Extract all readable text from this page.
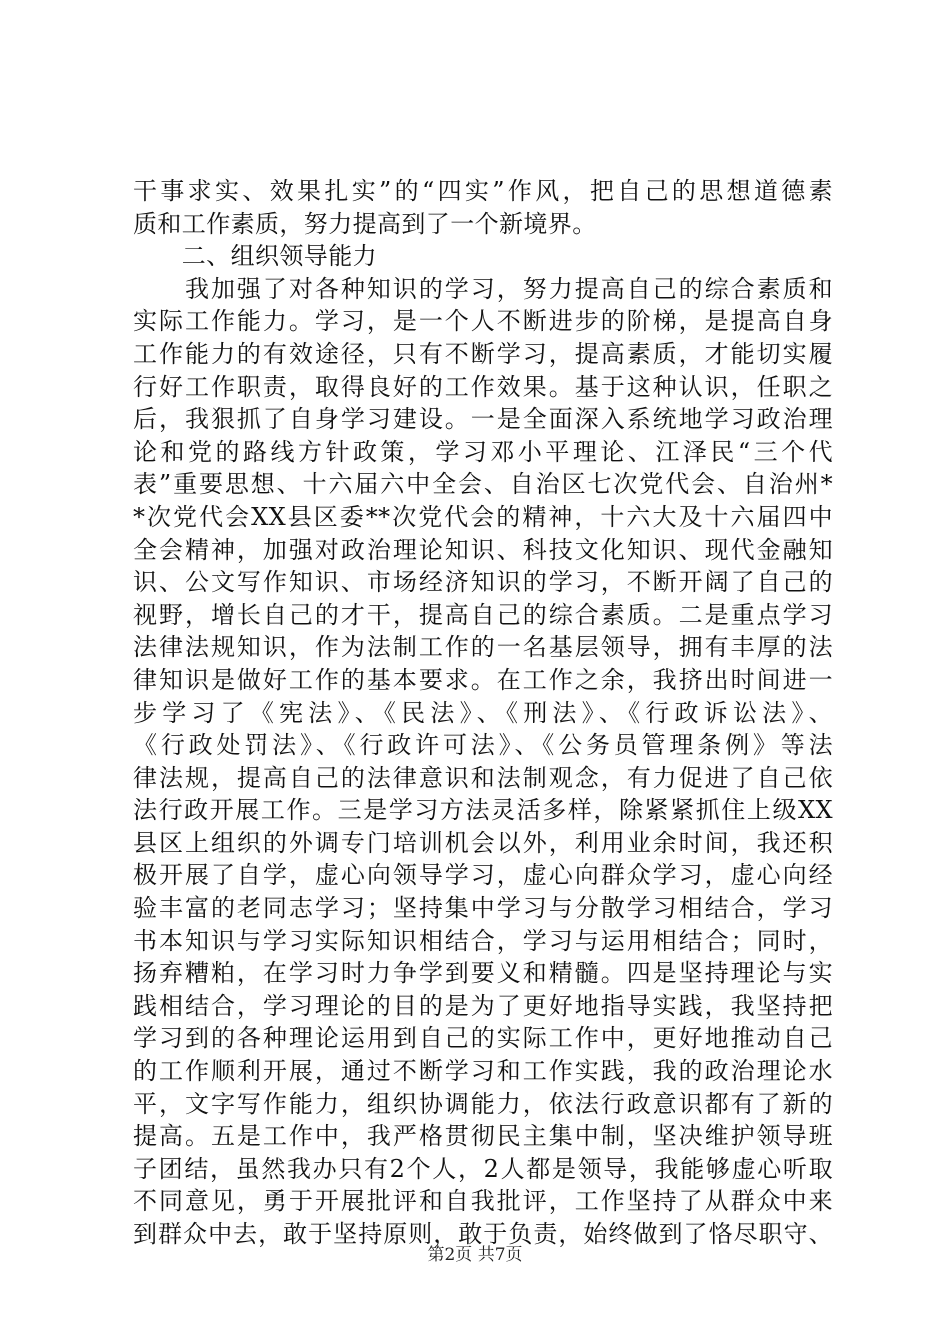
干事求实、效果扎实”的“四实”作风，把自己的思想道德素
质和工作素质，努力提高到了一个新境界。
　　二、组织领导能力
　　我加强了对各种知识的学习，努力提高自己的综合素质和
实际工作能力。学习，是一个人不断进步的阶梯，是提高自身
工作能力的有效途径，只有不断学习，提高素质，才能切实履
行好工作职责，取得良好的工作效果。基于这种认识，任职之
后，我狠抓了自身学习建设。一是全面深入系统地学习政治理
论和党的路线方针政策，学习邓小平理论、江泽民“三个代
表”重要思想、十六届六中全会、自治区七次党代会、自治州*
*次党代会XX县区委**次党代会的精神，十六大及十六届四中
全会精神，加强对政治理论知识、科技文化知识、现代金融知
识、公文写作知识、市场经济知识的学习，不断开阔了自己的
视野，增长自己的才干，提高自己的综合素质。二是重点学习
法律法规知识，作为法制工作的一名基层领导，拥有丰厚的法
律知识是做好工作的基本要求。在工作之余，我挤出时间进一
步学习了《宪法》、《民法》、《刑法》、《行政诉讼法》、
《行政处罚法》、《行政许可法》、《公务员管理条例》等法
律法规，提高自己的法律意识和法制观念，有力促进了自己依
法行政开展工作。三是学习方法灵活多样，除紧紧抓住上级XX
县区上组织的外调专门培训机会以外，利用业余时间，我还积
极开展了自学，虚心向领导学习，虚心向群众学习，虚心向经
验丰富的老同志学习；坚持集中学习与分散学习相结合，学习
书本知识与学习实际知识相结合，学习与运用相结合；同时，
扬弃糟粕，在学习时力争学到要义和精髓。四是坚持理论与实
践相结合，学习理论的目的是为了更好地指导实践，我坚持把
学习到的各种理论运用到自己的实际工作中，更好地推动自己
的工作顺利开展，通过不断学习和工作实践，我的政治理论水
平，文字写作能力，组织协调能力，依法行政意识都有了新的
提高。五是工作中，我严格贯彻民主集中制，坚决维护领导班
子团结，虽然我办只有2个人，2人都是领导，我能够虚心听取
不同意见，勇于开展批评和自我批评，工作坚持了从群众中来
到群众中去，敢于坚持原则，敢于负责，始终做到了恪尽职守、
第2页 共7页
